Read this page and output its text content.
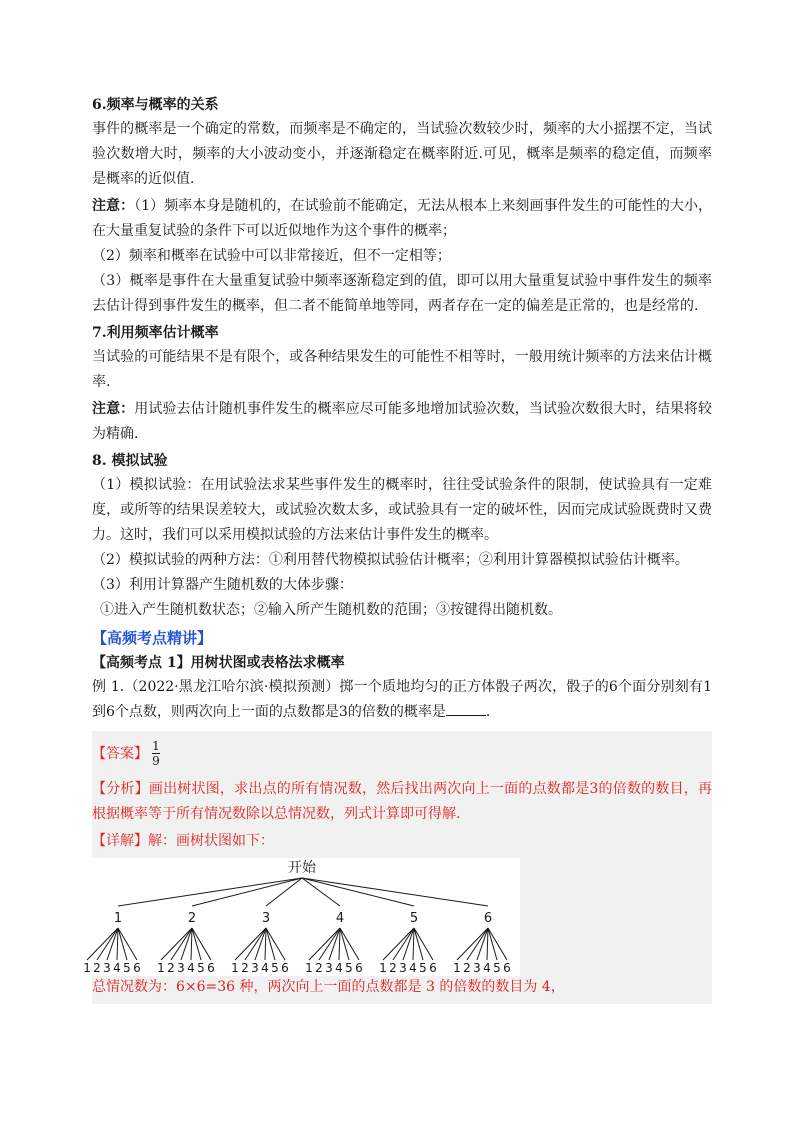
6.频率与概率的关系

事件的概率是一个确定的常数，而频率是不确定的，当试验次数较少时，频率的大小摇摆不定，当试验次数增大时，频率的大小波动变小，并逐渐稳定在概率附近.可见，概率是频率的稳定值，而频率是概率的近似值.

注意：（1）频率本身是随机的，在试验前不能确定，无法从根本上来刻画事件发生的可能性的大小，在大量重复试验的条件下可以近似地作为这个事件的概率；

（2）频率和概率在试验中可以非常接近，但不一定相等；

（3）概率是事件在大量重复试验中频率逐渐稳定到的值，即可以用大量重复试验中事件发生的频率去估计得到事件发生的概率，但二者不能简单地等同，两者存在一定的偏差是正常的，也是经常的.

7.利用频率估计概率

当试验的可能结果不是有限个，或各种结果发生的可能性不相等时，一般用统计频率的方法来估计概率.

注意：用试验去估计随机事件发生的概率应尽可能多地增加试验次数，当试验次数很大时，结果将较为精确.

8. 模拟试验

（1）模拟试验：在用试验法求某些事件发生的概率时，往往受试验条件的限制，使试验具有一定难度，或所等的结果误差较大，或试验次数太多，或试验具有一定的破坏性，因而完成试验既费时又费力。这时，我们可以采用模拟试验的方法来估计事件发生的概率。

（2）模拟试验的两种方法：①利用替代物模拟试验估计概率；②利用计算器模拟试验估计概率。

（3）利用计算器产生随机数的大体步骤：

①进入产生随机数状态；②输入所产生随机数的范围；③按键得出随机数。

【高频考点精讲】

【高频考点 1】用树状图或表格法求概率

例 1.（2022·黑龙江哈尔滨·模拟预测）掷一个质地均匀的正方体骰子两次，骰子的6个面分别刻有1到6个点数，则两次向上一面的点数都是3的倍数的概率是	.

【答案】 $\frac{1}{9}$

【分析】画出树状图，求出点的所有情况数，然后找出两次向上一面的点数都是3的倍数的数目，再根据概率等于所有情况数除以总情况数，列式计算即可得解.

【详解】解：画树状图如下：

开始
1
1 2 3 4 5 6
2
1 2 3 4 5 6
3
1 2 3 4 5 6
4
1 2 3 4 5 6
5
1 2 3 4 5 6
6
1 2 3 4 5 6

总情况数为：6×6=36 种，两次向上一面的点数都是 3 的倍数的数目为 4，
